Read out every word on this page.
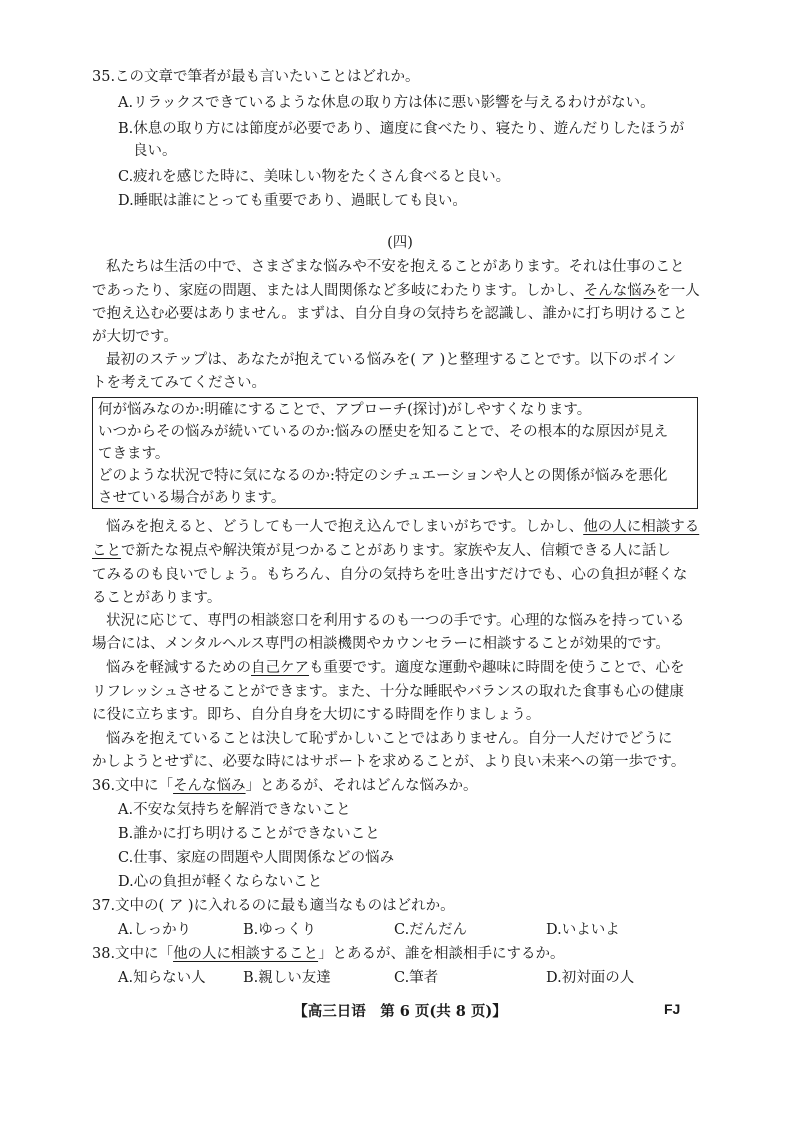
35.この文章で筆者が最も言いたいことはどれか。
A.リラックスできているような休息の取り方は体に悪い影響を与えるわけがない。
B.休息の取り方には節度が必要であり、適度に食べたり、寝たり、遊んだりしたほうが
良い。
C.疲れを感じた時に、美味しい物をたくさん食べると良い。
D.睡眠は誰にとっても重要であり、過眠しても良い。
(四)
私たちは生活の中で、さまざまな悩みや不安を抱えることがあります。それは仕事のこと
であったり、家庭の問題、または人間関係など多岐にわたります。しかし、そんな悩みを一人
で抱え込む必要はありません。まずは、自分自身の気持ちを認識し、誰かに打ち明けること
が大切です。
最初のステップは、あなたが抱えている悩みを( ア )と整理することです。以下のポイン
トを考えてみてください。
何が悩みなのか:明確にすることで、アプローチ(探讨)がしやすくなります。
いつからその悩みが続いているのか:悩みの歴史を知ることで、その根本的な原因が見え
てきます。
どのような状況で特に気になるのか:特定のシチュエーションや人との関係が悩みを悪化
させている場合があります。
悩みを抱えると、どうしても一人で抱え込んでしまいがちです。しかし、他の人に相談する
ことで新たな視点や解決策が見つかることがあります。家族や友人、信頼できる人に話し
てみるのも良いでしょう。もちろん、自分の気持ちを吐き出すだけでも、心の負担が軽くな
ることがあります。
状況に応じて、専門の相談窓口を利用するのも一つの手です。心理的な悩みを持っている
場合には、メンタルヘルス専門の相談機関やカウンセラーに相談することが効果的です。
悩みを軽減するための自己ケアも重要です。適度な運動や趣味に時間を使うことで、心を
リフレッシュさせることができます。また、十分な睡眠やバランスの取れた食事も心の健康
に役に立ちます。即ち、自分自身を大切にする時間を作りましょう。
悩みを抱えていることは決して恥ずかしいことではありません。自分一人だけでどうに
かしようとせずに、必要な時にはサポートを求めることが、より良い未来への第一歩です。
36.文中に「そんな悩み」とあるが、それはどんな悩みか。
A.不安な気持ちを解消できないこと
B.誰かに打ち明けることができないこと
C.仕事、家庭の問題や人間関係などの悩み
D.心の負担が軽くならないこと
37.文中の( ア )に入れるのに最も適当なものはどれか。
A.しっかり	B.ゆっくり	C.だんだん	D.いよいよ
38.文中に「他の人に相談すること」とあるが、誰を相談相手にするか。
A.知らない人	B.親しい友達	C.筆者	D.初対面の人
【高三日语　第 6 页(共 8 页)】	FJ
